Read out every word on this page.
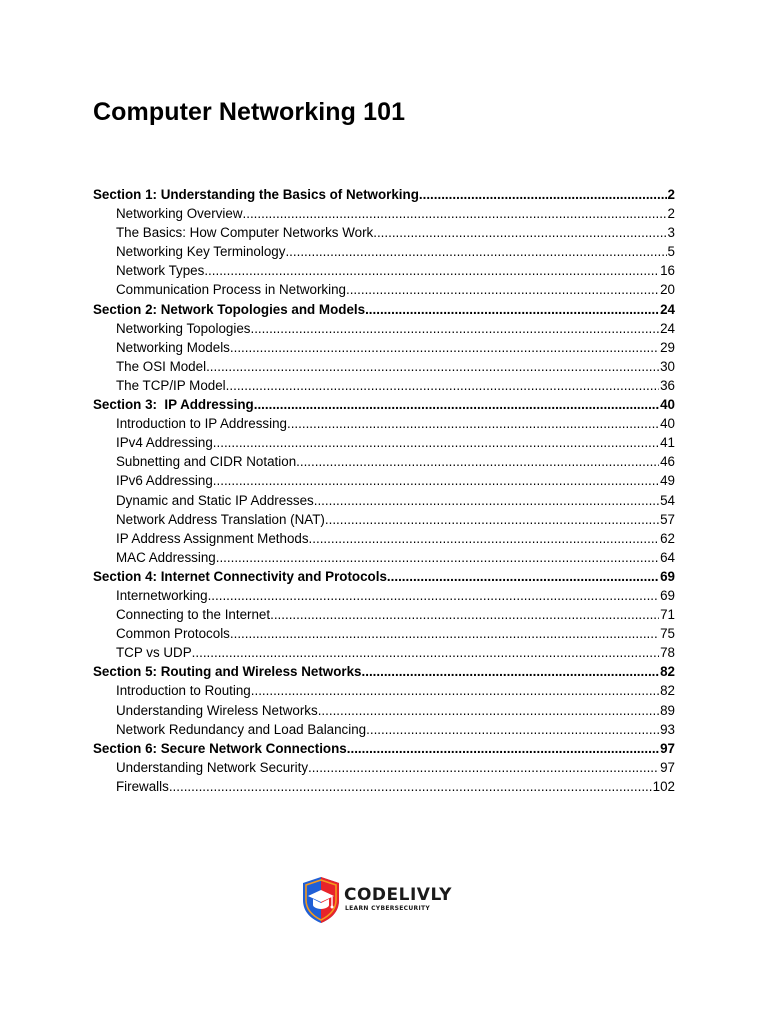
Computer Networking 101
Section 1: Understanding the Basics of Networking .....	2
Networking Overview .....	2
The Basics: How Computer Networks Work .....	3
Networking Key Terminology .....	5
Network Types .....	16
Communication Process in Networking .....	20
Section 2: Network Topologies and Models .....	24
Networking Topologies .....	24
Networking Models .....	29
The OSI Model .....	30
The TCP/IP Model .....	36
Section 3:  IP Addressing .....	40
Introduction to IP Addressing .....	40
IPv4 Addressing .....	41
Subnetting and CIDR Notation .....	46
IPv6 Addressing .....	49
Dynamic and Static IP Addresses .....	54
Network Address Translation (NAT) .....	57
IP Address Assignment Methods .....	62
MAC Addressing .....	64
Section 4: Internet Connectivity and Protocols .....	69
Internetworking .....	69
Connecting to the Internet .....	71
Common Protocols .....	75
TCP vs UDP .....	78
Section 5: Routing and Wireless Networks .....	82
Introduction to Routing .....	82
Understanding Wireless Networks .....	89
Network Redundancy and Load Balancing .....	93
Section 6: Secure Network Connections .....	97
Understanding Network Security .....	97
Firewalls .....	102
CODELIVLY
LEARN CYBERSECURITY
